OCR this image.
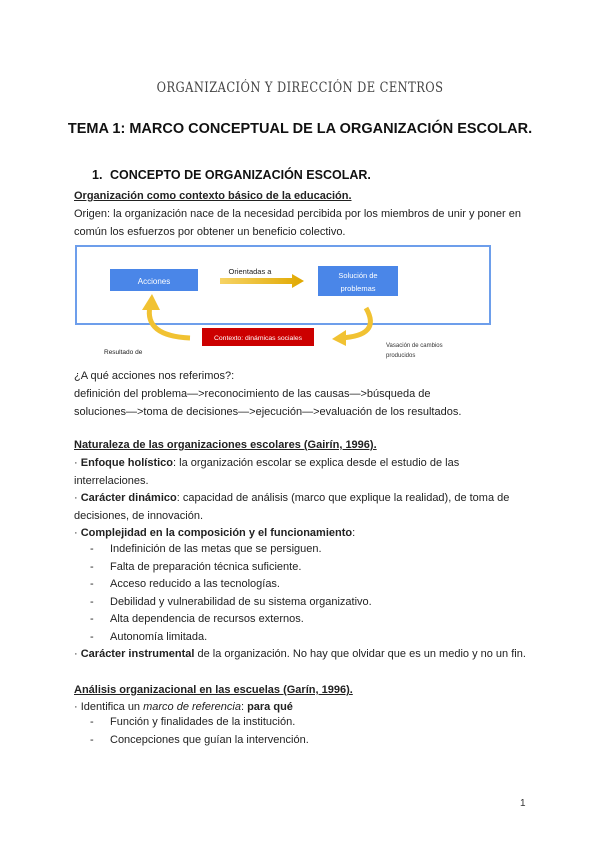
ORGANIZACIÓN Y DIRECCIÓN DE CENTROS
TEMA 1: MARCO CONCEPTUAL DE LA ORGANIZACIÓN ESCOLAR.
1. CONCEPTO DE ORGANIZACIÓN ESCOLAR.
Organización como contexto básico de la educación.
Origen: la organización nace de la necesidad percibida por los miembros de unir y poner en
común los esfuerzos por obtener un beneficio colectivo.
Acciones
Orientadas a	Solución de
problemas
Contexto: dinámicas sociales
Resultado de
Vasación de cambios
producidos
¿A qué acciones nos referimos?:
definición del problema—>reconocimiento de las causas—>búsqueda de
soluciones—>toma de decisiones—>ejecución—>evaluación de los resultados.
Naturaleza de las organizaciones escolares (Gairín, 1996).
· Enfoque holístico: la organización escolar se explica desde el estudio de las
interrelaciones.
· Carácter dinámico: capacidad de análisis (marco que explique la realidad), de toma de
decisiones, de innovación.
· Complejidad en la composición y el funcionamiento:
- Indefinición de las metas que se persiguen.
- Falta de preparación técnica suficiente.
- Acceso reducido a las tecnologías.
- Debilidad y vulnerabilidad de su sistema organizativo.
- Alta dependencia de recursos externos.
- Autonomía limitada.
· Carácter instrumental de la organización. No hay que olvidar que es un medio y no un fin.
Análisis organizacional en las escuelas (Garín, 1996).
· Identifica un marco de referencia: para qué
- Función y finalidades de la institución.
- Concepciones que guían la intervención.
1
